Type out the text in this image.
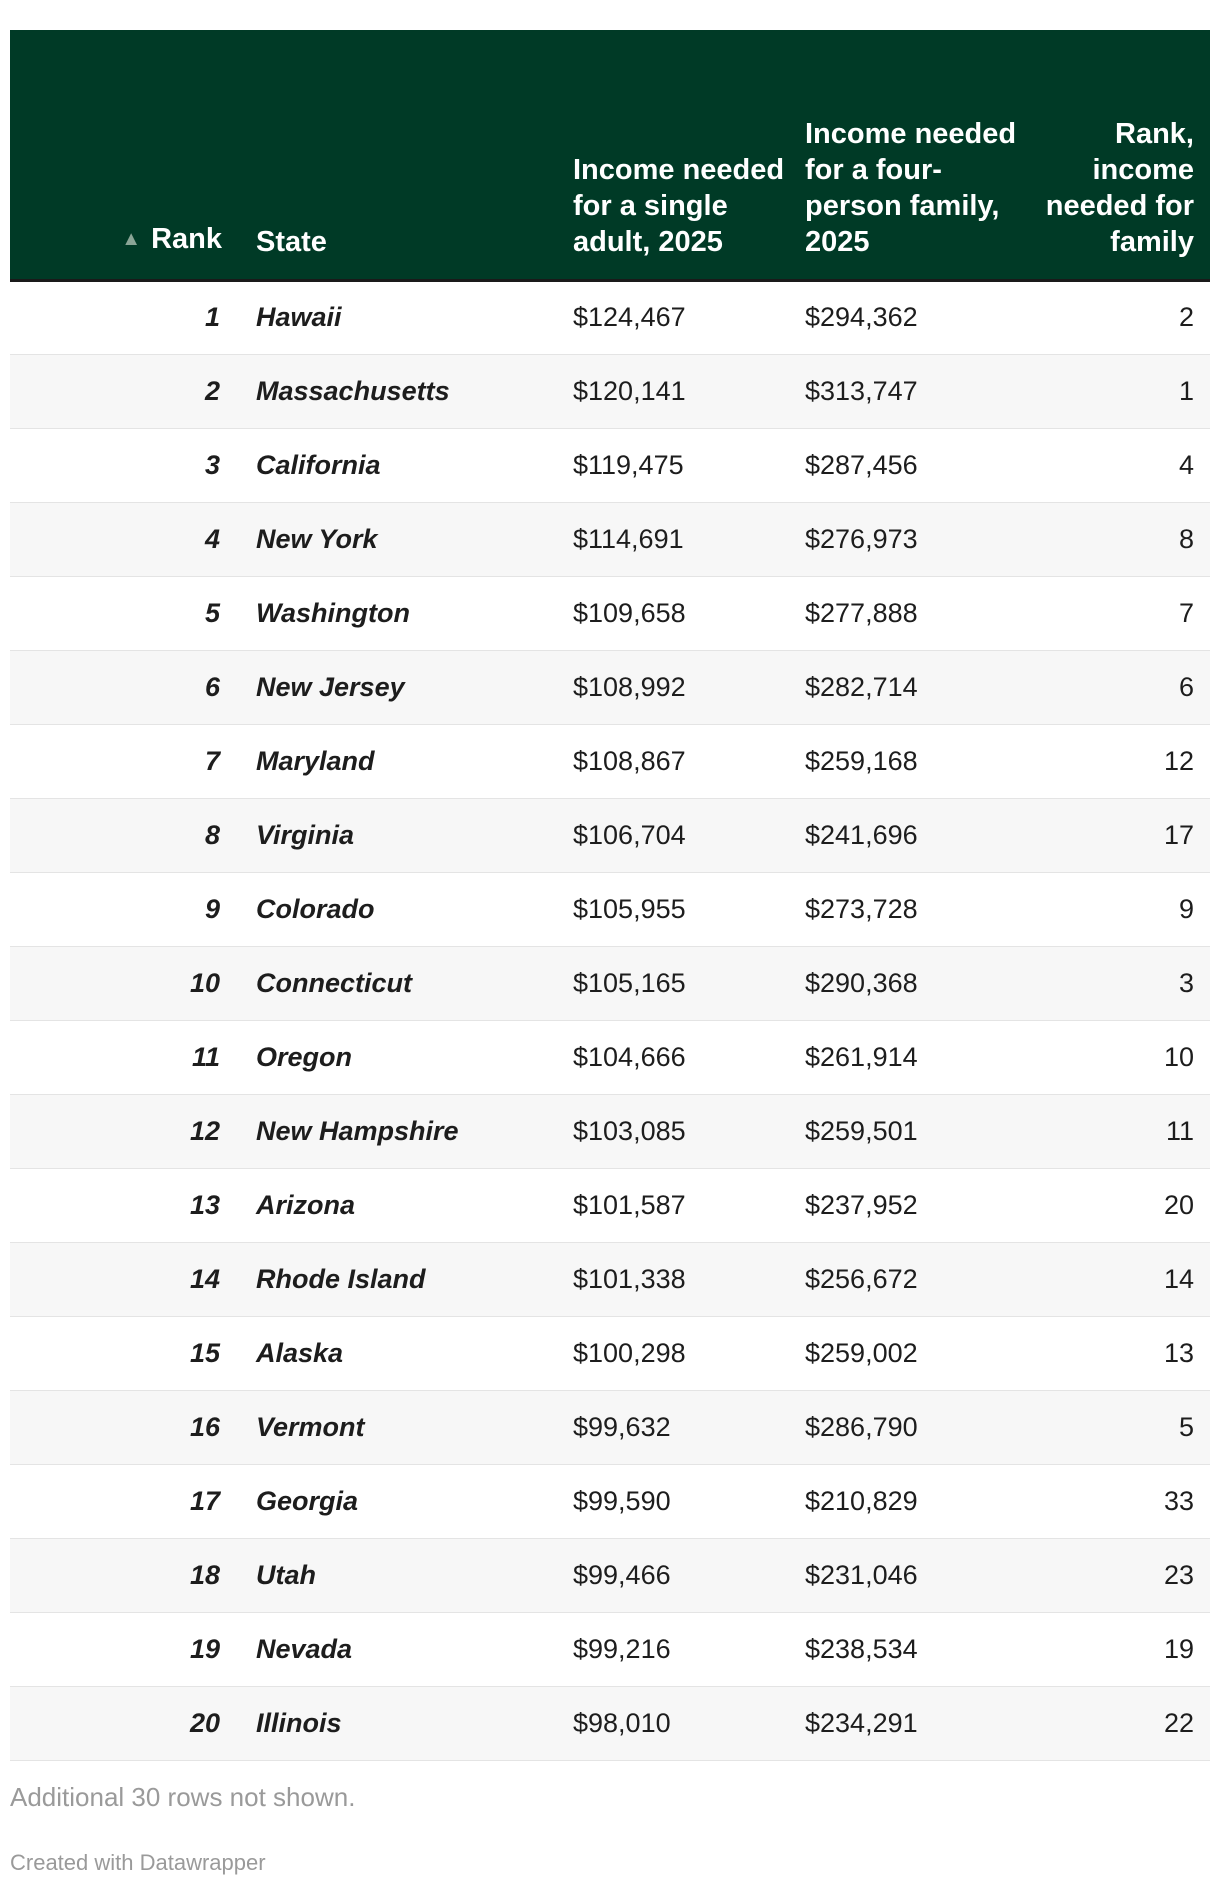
▲ Rank	State	Income needed for a single adult, 2025	Income needed for a four-person family, 2025	Rank, income needed for family
1	Hawaii	$124,467	$294,362	2
2	Massachusetts	$120,141	$313,747	1
3	California	$119,475	$287,456	4
4	New York	$114,691	$276,973	8
5	Washington	$109,658	$277,888	7
6	New Jersey	$108,992	$282,714	6
7	Maryland	$108,867	$259,168	12
8	Virginia	$106,704	$241,696	17
9	Colorado	$105,955	$273,728	9
10	Connecticut	$105,165	$290,368	3
11	Oregon	$104,666	$261,914	10
12	New Hampshire	$103,085	$259,501	11
13	Arizona	$101,587	$237,952	20
14	Rhode Island	$101,338	$256,672	14
15	Alaska	$100,298	$259,002	13
16	Vermont	$99,632	$286,790	5
17	Georgia	$99,590	$210,829	33
18	Utah	$99,466	$231,046	23
19	Nevada	$99,216	$238,534	19
20	Illinois	$98,010	$234,291	22
Additional 30 rows not shown.
Created with Datawrapper
